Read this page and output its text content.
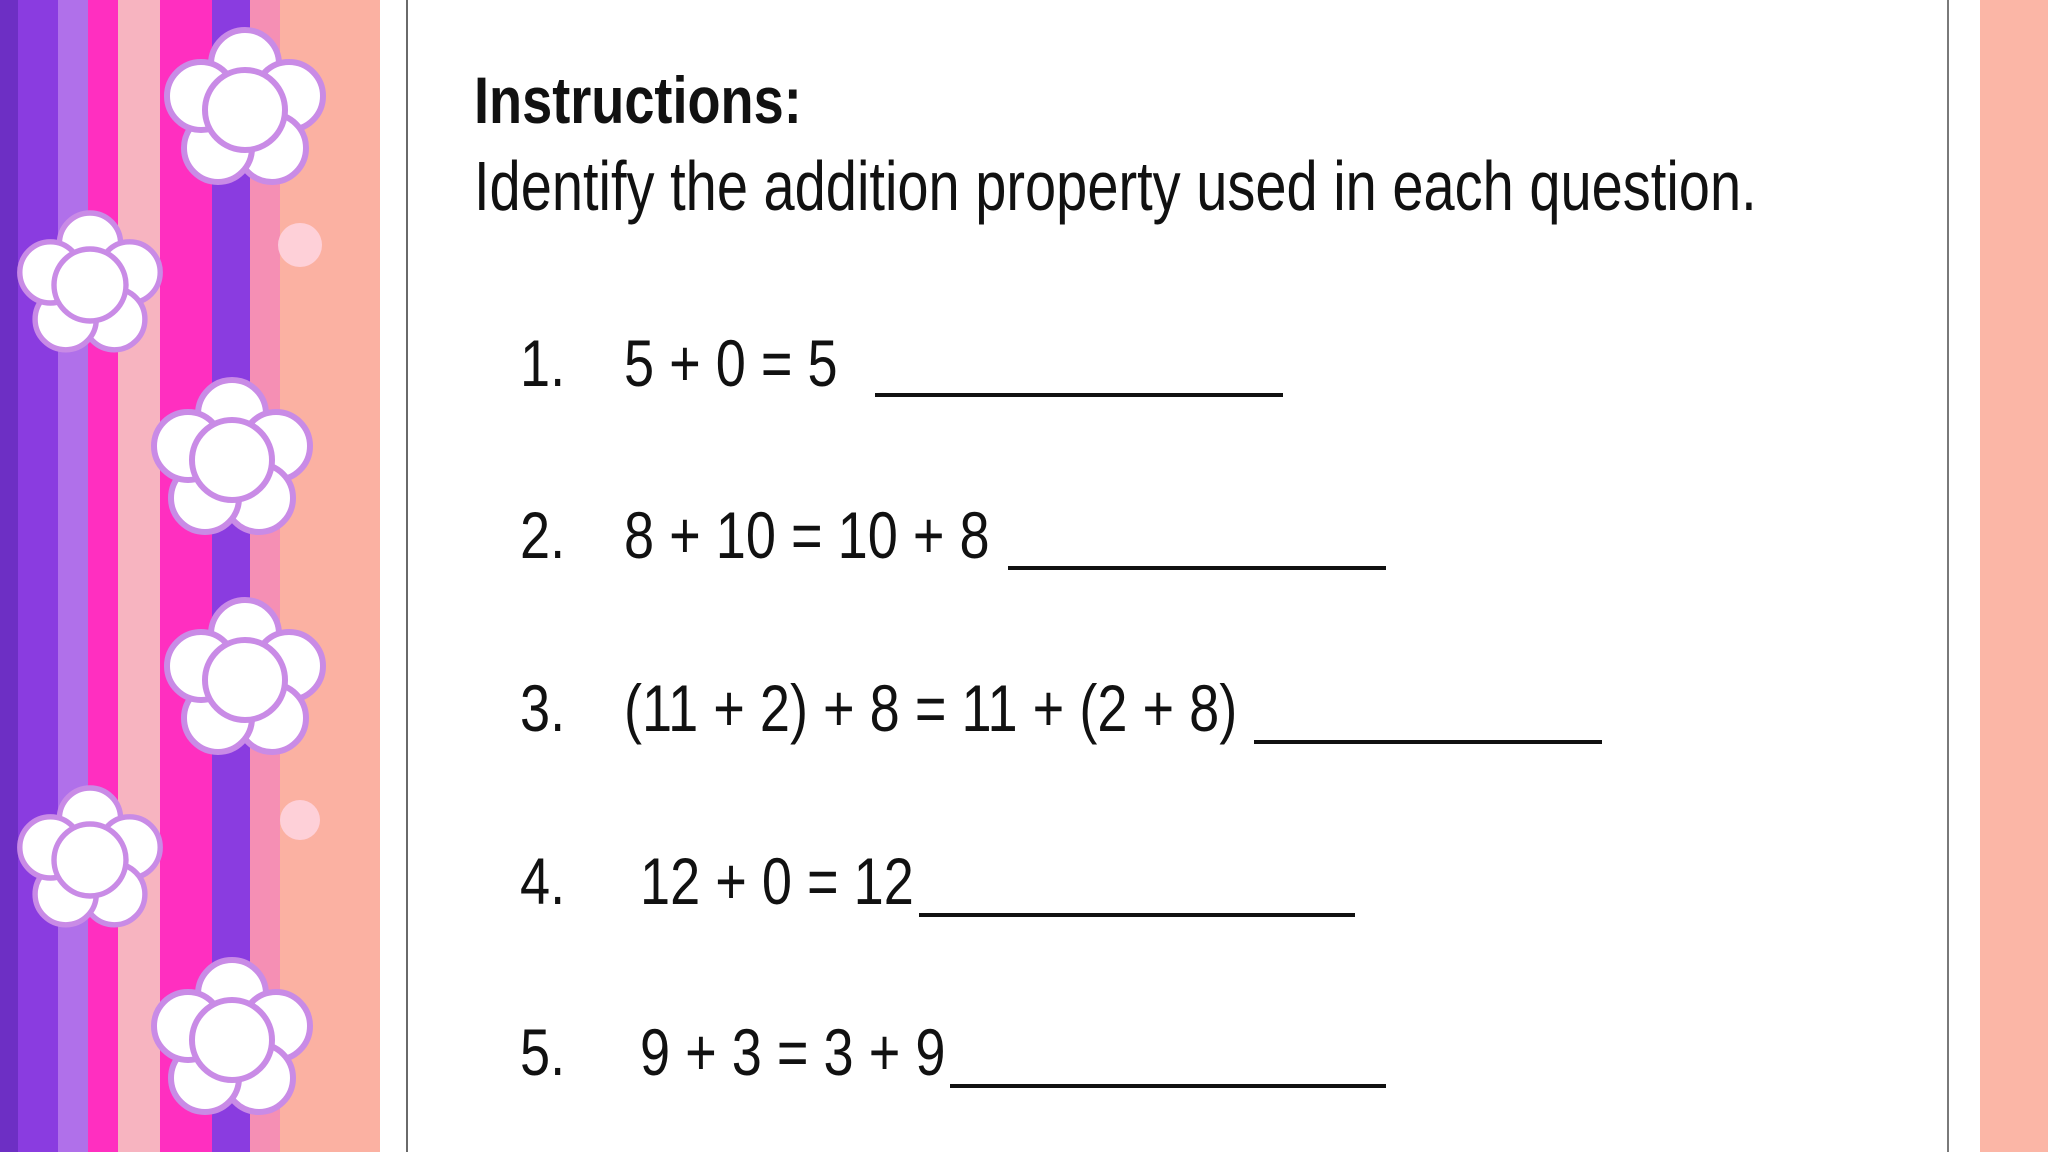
Instructions:

Identify the addition property used in each question.

1. 5 + 0 = 5
2. 8 + 10 = 10 + 8
3. (11 + 2) + 8 = 11 + (2 + 8)
4. 12 + 0 = 12
5. 9 + 3 = 3 + 9
